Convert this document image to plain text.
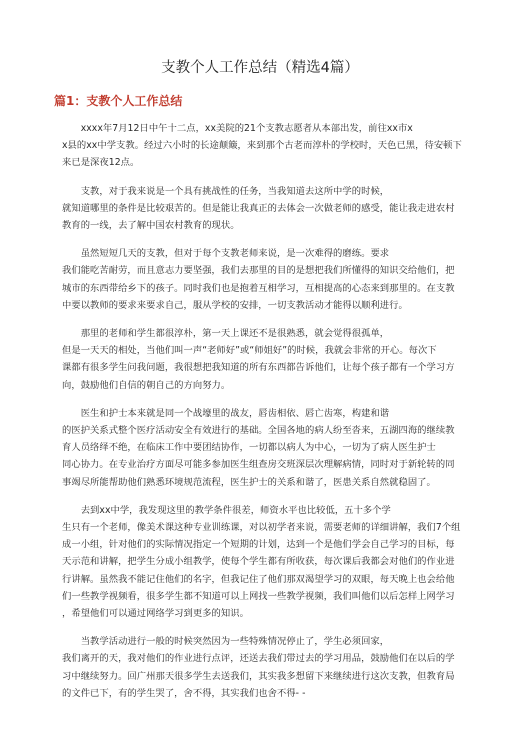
支教个人工作总结（精选4篇）
篇1：支教个人工作总结
　　xxxx年7月12日中午十二点，xx美院的21个支教志愿者从本部出发，前往xx市x
x县的xx中学支教。经过六小时的长途颠簸，来到那个古老而淳朴的学校时，天色已黑，待安顿下
来已是深夜12点。
　　支教，对于我来说是一个具有挑战性的任务，当我知道去这所中学的时候，
就知道哪里的条件是比较艰苦的。但是能让我真正的去体会一次做老师的感受，能让我走进农村
教育的一线，去了解中国农村教育的现状。
　　虽然短短几天的支教，但对于每个支教老师来说，是一次难得的磨练。要求
我们能吃苦耐劳，而且意志力要坚强，我们去那里的目的是想把我们所懂得的知识交给他们，把
城市的东西带给乡下的孩子。同时我们也是抱着互相学习，互相提高的心态来到那里的。在支教
中要以教师的要求来要求自己，服从学校的安排，一切支教活动才能得以顺利进行。
　　那里的老师和学生都很淳朴，第一天上课还不是很熟悉，就会觉得很孤单，
但是一天天的相处，当他们叫一声“老师好”或“师姐好”的时候，我就会非常的开心。每次下
课都有很多学生问我问题，我很想把我知道的所有东西都告诉他们，让每个孩子都有一个学习方
向，鼓励他们自信的朝自己的方向努力。
　　医生和护士本来就是同一个战壕里的战友，唇齿相依、唇亡齿寒，构建和谐
的医护关系式整个医疗活动安全有效进行的基础。全国各地的病人纷至沓来，五湖四海的继续教
育人员络绎不绝，在临床工作中要团结协作，一切都以病人为中心，一切为了病人医生护士
同心协力。在专业治疗方面尽可能多参加医生组查房交班深层次理解病情，同时对于新轮转的同
事竭尽所能帮助他们熟悉环境规范流程，医生护士的关系和谐了，医患关系自然就稳固了。
　　去到xx中学，我发现这里的教学条件很差，师资水平也比较低，五十多个学
生只有一个老师，像美术课这种专业训练课，对以初学者来说，需要老师的详细讲解，我们7个组
成一小组，针对他们的实际情况指定一个短期的计划，达到一个是他们学会自己学习的目标，每
天示范和讲解，把学生分成小组教学，使每个学生都有所收获，每次课后我都会对他们的作业进
行讲解。虽然我不能记住他们的名字，但我记住了他们那双渴望学习的双眼，每天晚上也会给他
们一些教学视频看，很多学生都不知道可以上网找一些教学视频，我们叫他们以后怎样上网学习
，希望他们可以通过网络学习到更多的知识。
　　当教学活动进行一般的时候突然因为一些特殊情况停止了，学生必须回家，
我们离开的天，我对他们的作业进行点评，还送去我们带过去的学习用品，鼓励他们在以后的学
习中继续努力。回广州那天很多学生去送我们，其实我多想留下来继续进行这次支教，但教育局
的文件已下，有的学生哭了，舍不得，其实我们也舍不得- -
